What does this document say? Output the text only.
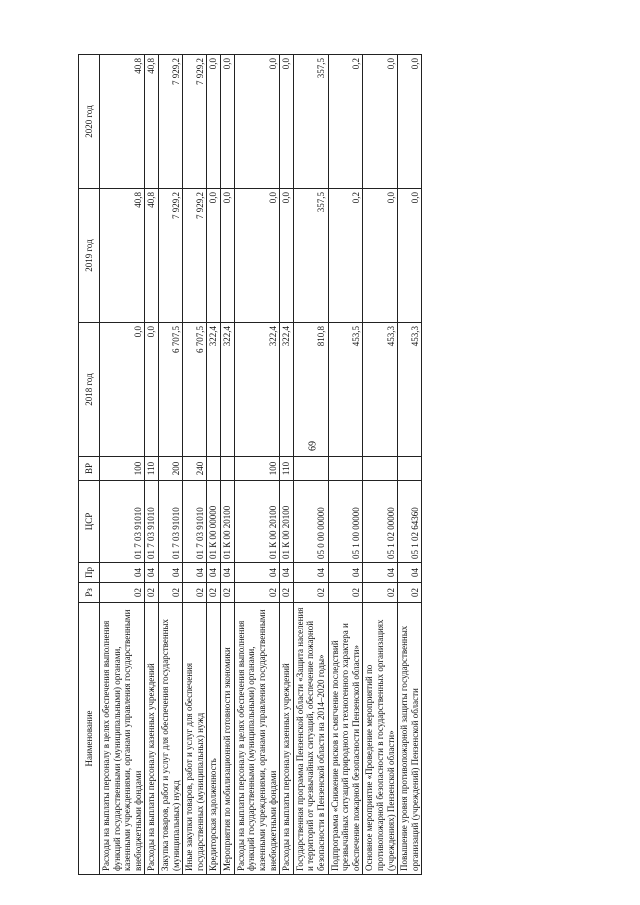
69
Наименование	Рз	Пр	ЦСР	ВР	2018 год	2019 год	2020 год
Расходы на выплаты персоналу в целях обеспечения выполнения функций государственными (муниципальными) органами, казенными учреждениями, органами управления государственными внебюджетными фондами	02	04	01 7 03 91010	100	0,0	40,8	40,8
Расходы на выплаты персоналу казенных учреждений	02	04	01 7 03 91010	110	0,0	40,8	40,8
Закупка товаров, работ и услуг для обеспечения государственных (муниципальных) нужд	02	04	01 7 03 91010	200	6 707,5	7 929,2	7 929,2
Иные закупки товаров, работ и услуг для обеспечения государственных (муниципальных) нужд	02	04	01 7 03 91010	240	6 707,5	7 929,2	7 929,2
Кредиторская задолженность	02	04	01 К 00 00000		322,4	0,0	0,0
Мероприятия по мобилизационной готовности экономики	02	04	01 К 00 20100		322,4	0,0	0,0
Расходы на выплаты персоналу в целях обеспечения выполнения функций государственными (муниципальными) органами, казенными учреждениями, органами управления государственными внебюджетными фондами	02	04	01 К 00 20100	100	322,4	0,0	0,0
Расходы на выплаты персоналу казенных учреждений	02	04	01 К 00 20100	110	322,4	0,0	0,0
Государственная программа Пензенской области «Защита населения и территорий от чрезвычайных ситуаций, обеспечение пожарной безопасности в Пензенской области на 2014–2020 годы»	02	04	05 0 00 00000		810,8	357,5	357,5
Подпрограмма «Снижение рисков и смягчение последствий чрезвычайных ситуаций природного и техногенного характера и обеспечение пожарной безопасности Пензенской области»	02	04	05 1 00 00000		453,5	0,2	0,2
Основное мероприятие «Проведение мероприятий по противопожарной безопасности в государственных организациях (учреждениях) Пензенской области»	02	04	05 1 02 00000		453,3	0,0	0,0
Повышение уровня противопожарной защиты государственных организаций (учреждений) Пензенской области	02	04	05 1 02 64360		453,3	0,0	0,0
